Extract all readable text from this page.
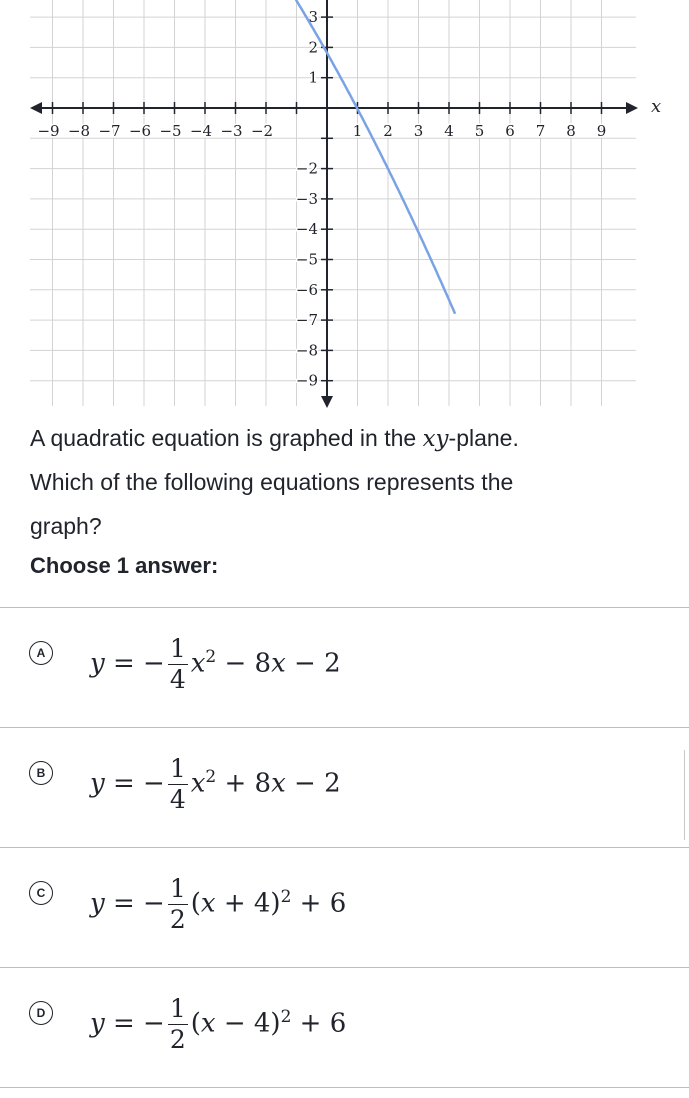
−9 −8 −7 −6 −5 −4 −3 −2	1 2 3 4 5 6 7 8 9
1
2
3
−2
−3
−4
−5
−6
−7
−8
−9
x
A quadratic equation is graphed in the xy-plane.
Which of the following equations represents the
graph?
Choose 1 answer:
A y = − $\frac{1}{4} x^2 - 8x - 2$
B y = − $\frac{1}{4} x^2 + 8x - 2$
C y = − $\frac{1}{2} (x + 4)^2 + 6$
D y = − $\frac{1}{2} (x - 4)^2 + 6$
